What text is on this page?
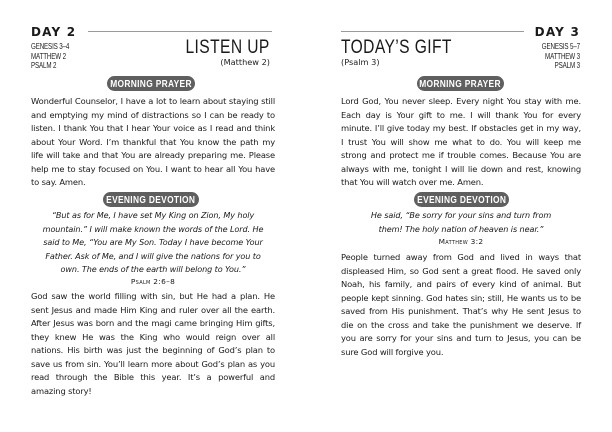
DAY 2
GENESIS 3–4
MATTHEW 2
PSALM 2
LISTEN UP
(Matthew 2)
MORNING PRAYER
Wonderful Counselor, I have a lot to learn about staying still and emptying my mind of distractions so I can be ready to listen. I thank You that I hear Your voice as I read and think about Your Word. I’m thankful that You know the path my life will take and that You are already preparing me. Please help me to stay focused on You. I want to hear all You have to say. Amen.
EVENING DEVOTION
“But as for Me, I have set My King on Zion, My holy mountain.” I will make known the words of the Lord. He said to Me, “You are My Son. Today I have become Your Father. Ask of Me, and I will give the nations for you to own. The ends of the earth will belong to You.”
Psalm 2:6–8
God saw the world filling with sin, but He had a plan. He sent Jesus and made Him King and ruler over all the earth. After Jesus was born and the magi came bringing Him gifts, they knew He was the King who would reign over all nations. His birth was just the beginning of God’s plan to save us from sin. You’ll learn more about God’s plan as you read through the Bible this year. It’s a powerful and amazing story!
DAY 3
GENESIS 5–7
MATTHEW 3
PSALM 3
TODAY’S GIFT
(Psalm 3)
MORNING PRAYER
Lord God, You never sleep. Every night You stay with me. Each day is Your gift to me. I will thank You for every minute. I’ll give today my best. If obstacles get in my way, I trust You will show me what to do. You will keep me strong and protect me if trouble comes. Because You are always with me, tonight I will lie down and rest, knowing that You will watch over me. Amen.
EVENING DEVOTION
He said, “Be sorry for your sins and turn from them! The holy nation of heaven is near.”
Matthew 3:2
People turned away from God and lived in ways that displeased Him, so God sent a great flood. He saved only Noah, his family, and pairs of every kind of animal. But people kept sinning. God hates sin; still, He wants us to be saved from His punishment. That’s why He sent Jesus to die on the cross and take the punishment we deserve. If you are sorry for your sins and turn to Jesus, you can be sure God will forgive you.
